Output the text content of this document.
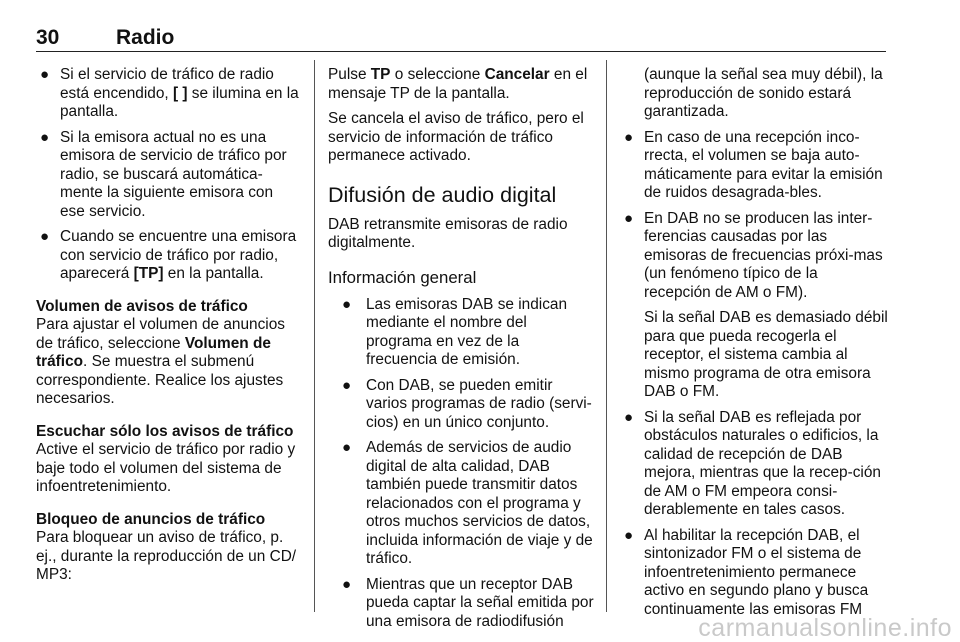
30	Radio
● Si el servicio de tráfico de radio está encendido, [ ] se ilumina en la pantalla.
● Si la emisora actual no es una emisora de servicio de tráfico por radio, se buscará automática-mente la siguiente emisora con ese servicio.
● Cuando se encuentre una emisora con servicio de tráfico por radio, aparecerá [TP] en la pantalla.
Volumen de avisos de tráfico

Para ajustar el volumen de anuncios de tráfico, seleccione Volumen de tráfico. Se muestra el submenú correspondiente. Realice los ajustes necesarios.

Escuchar sólo los avisos de tráfico

Active el servicio de tráfico por radio y baje todo el volumen del sistema de infoentretenimiento.

Bloqueo de anuncios de tráfico

Para bloquear un aviso de tráfico, p. ej., durante la reproducción de un CD/ MP3:

Pulse TP o seleccione Cancelar en el mensaje TP de la pantalla.

Se cancela el aviso de tráfico, pero el servicio de información de tráfico permanece activado.

Difusión de audio digital

DAB retransmite emisoras de radio digitalmente.

Información general
● Las emisoras DAB se indican mediante el nombre del programa en vez de la frecuencia de emisión.
● Con DAB, se pueden emitir varios programas de radio (servi-cios) en un único conjunto.
● Además de servicios de audio digital de alta calidad, DAB también puede transmitir datos relacionados con el programa y otros muchos servicios de datos, incluida información de viaje y de tráfico.
● Mientras que un receptor DAB pueda captar la señal emitida por una emisora de radiodifusión

(aunque la señal sea muy débil), la reproducción de sonido estará garantizada.

● En caso de una recepción inco-rrecta, el volumen se baja auto-máticamente para evitar la emisión de ruidos desagrada-bles.
● En DAB no se producen las inter-ferencias causadas por las emisoras de frecuencias próxi-mas (un fenómeno típico de la recepción de AM o FM).
Si la señal DAB es demasiado débil para que pueda recogerla el receptor, el sistema cambia al mismo programa de otra emisora DAB o FM.
● Si la señal DAB es reflejada por obstáculos naturales o edificios, la calidad de recepción de DAB mejora, mientras que la recep-ción de AM o FM empeora consi-derablemente en tales casos.
● Al habilitar la recepción DAB, el sintonizador FM o el sistema de infoentretenimiento permanece activo en segundo plano y busca continuamente las emisoras FM
carmanualsonline.info
